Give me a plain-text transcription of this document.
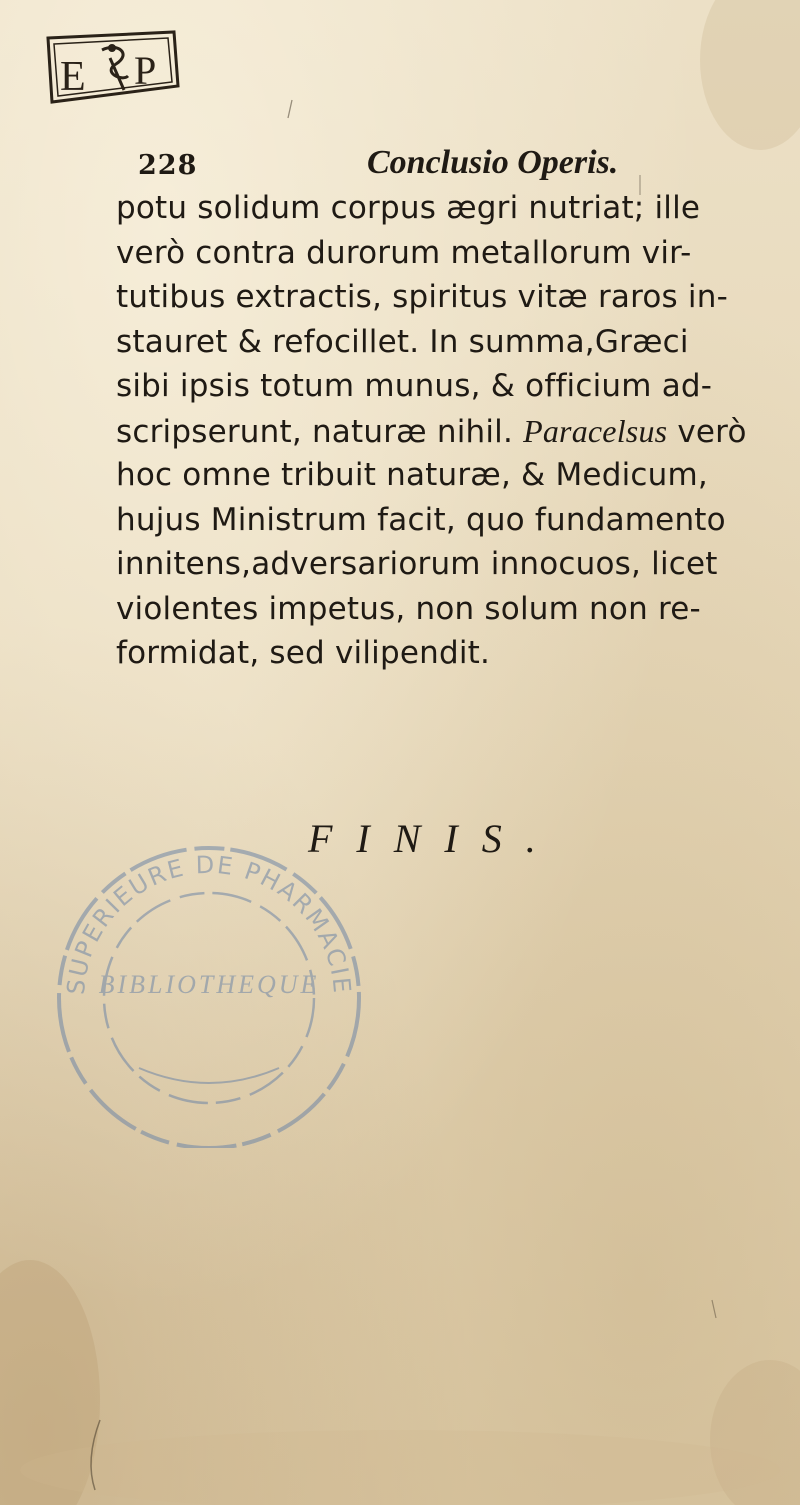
E P
228	Conclusio Operis.
potu solidum corpus ægri nutriat; ille
verò contra durorum metallorum vir-
tutibus extractis, spiritus vitæ raros in-
stauret & refocillet. In summa,Græci
sibi ipsis totum munus, & officium ad-
scripserunt, naturæ nihil. Paracelsus verò
hoc omne tribuit naturæ, & Medicum,
hujus Ministrum facit, quo fundamento
innitens,adversariorum innocuos, licet
violentes impetus, non solum non re-
formidat, sed vilipendit.
FINIS.
SUPERIEURE DE PHARMACIE
BIBLIOTHEQUE
